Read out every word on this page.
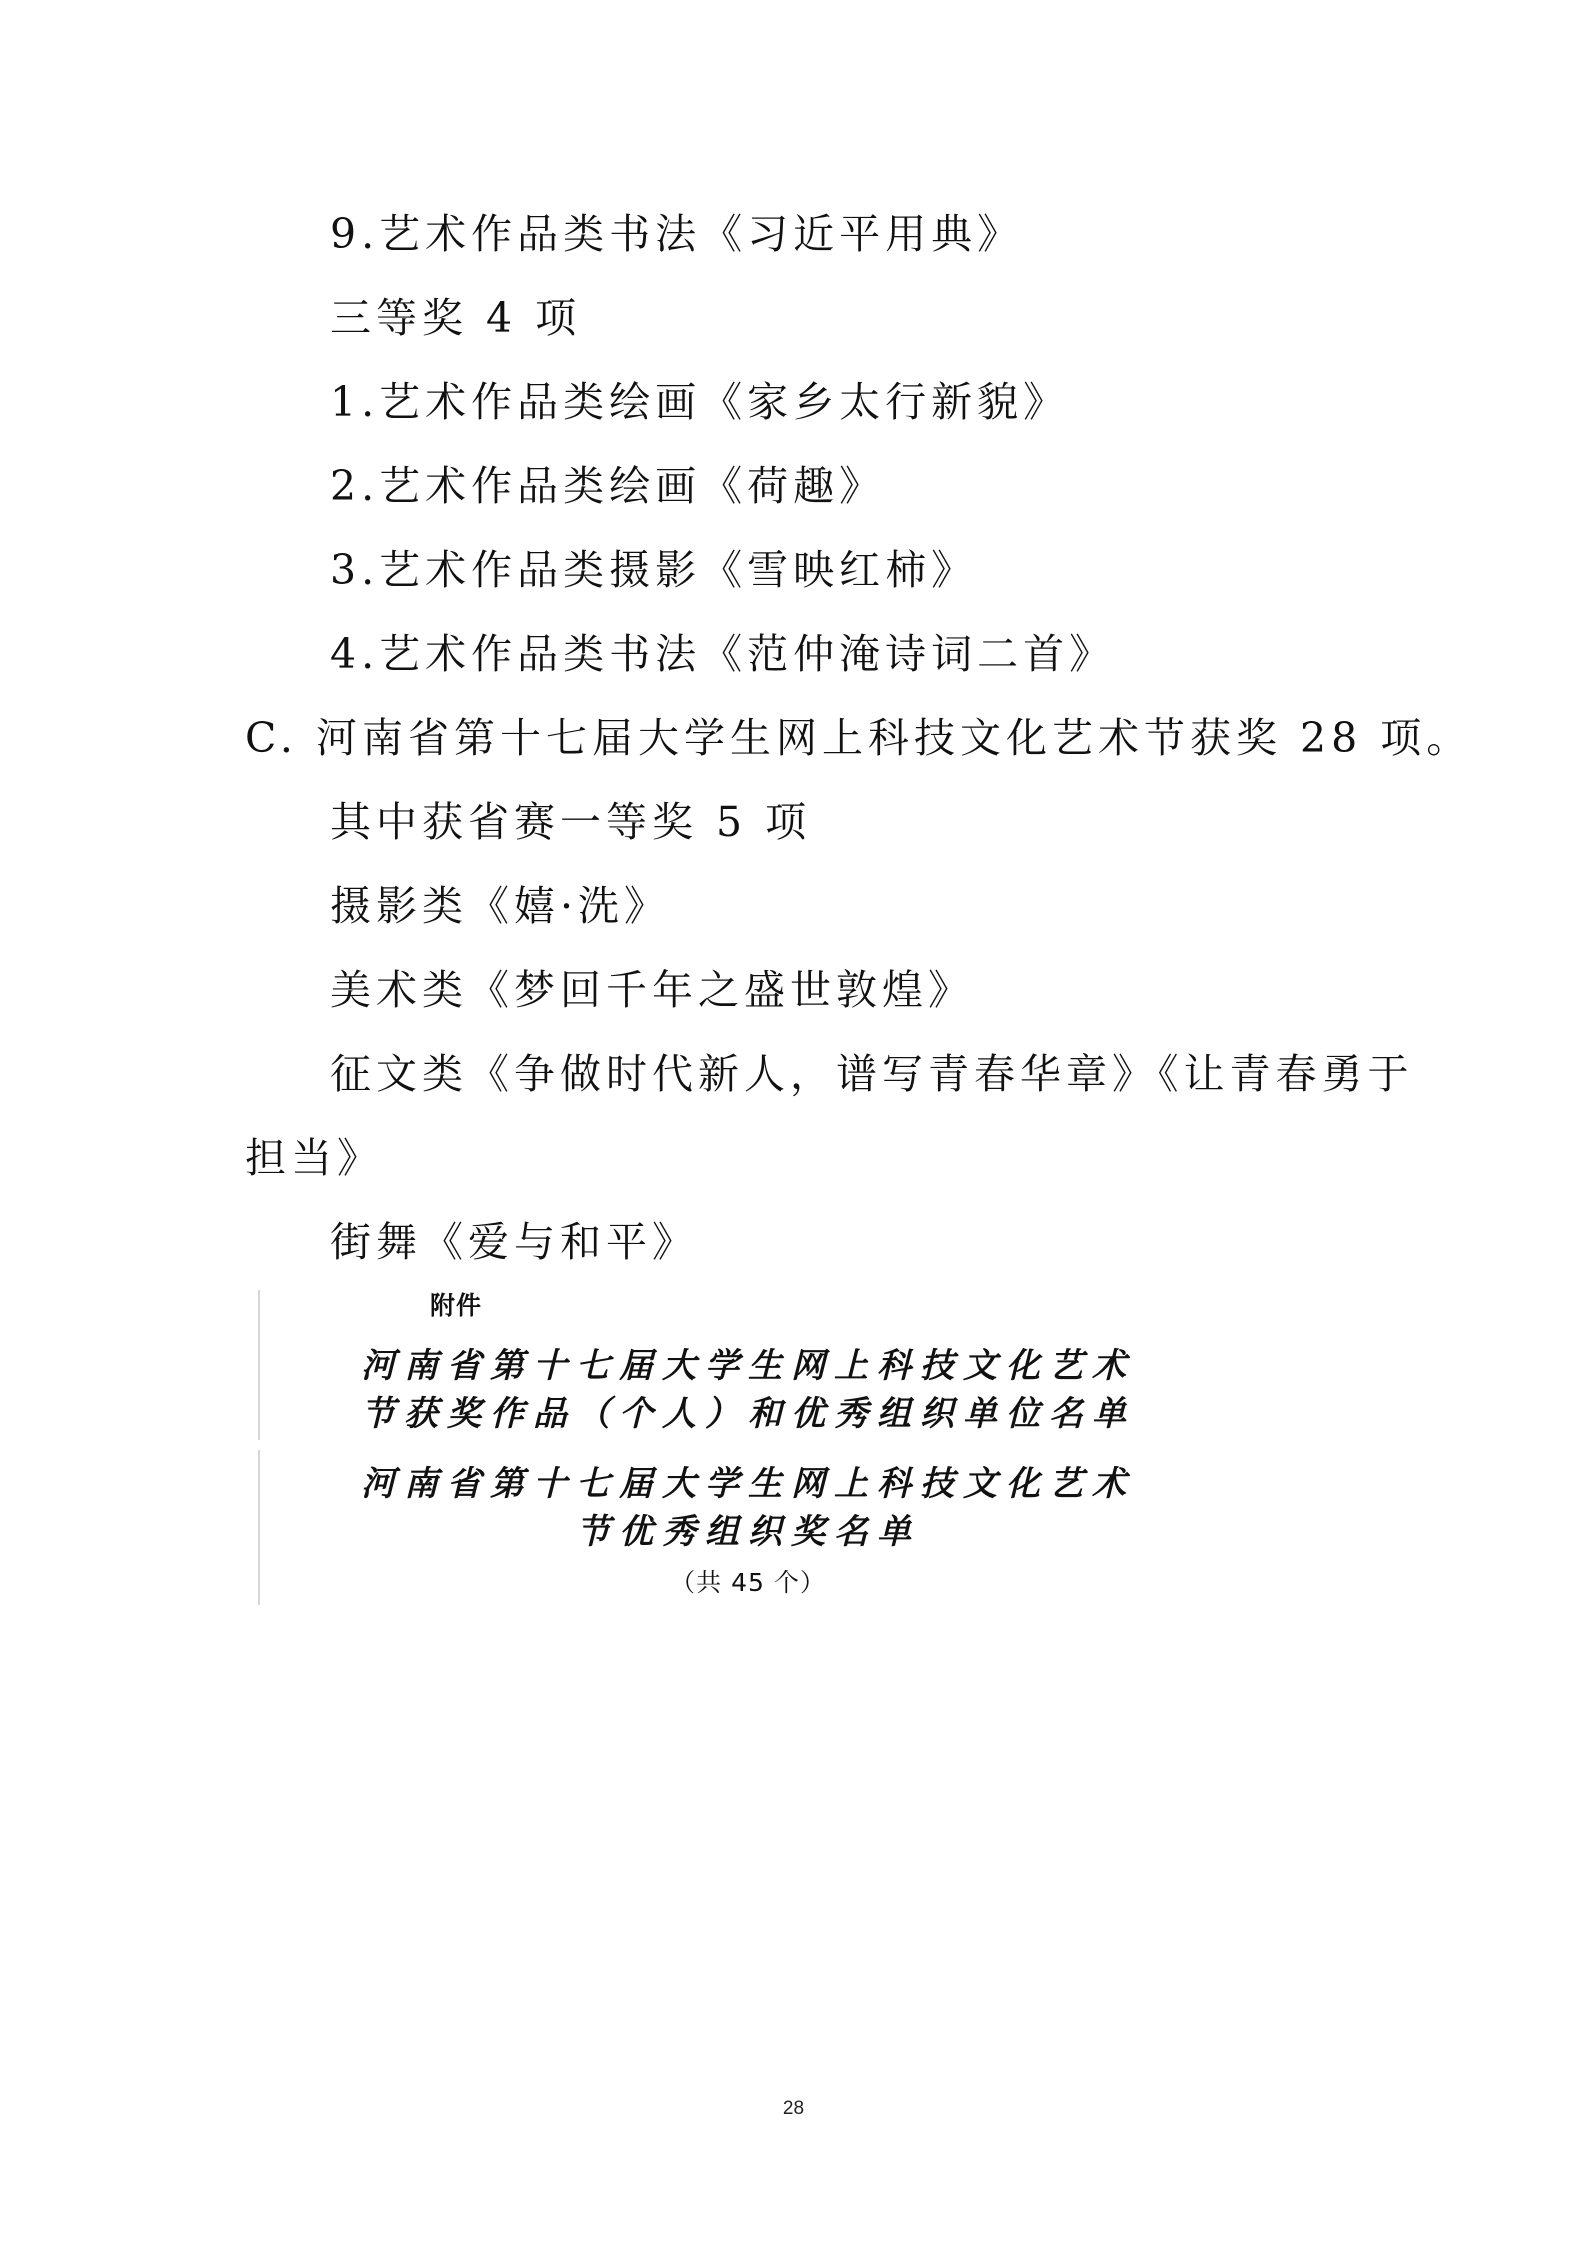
9.艺术作品类书法《习近平用典》

三等奖 4 项

1.艺术作品类绘画《家乡太行新貌》

2.艺术作品类绘画《荷趣》

3.艺术作品类摄影《雪映红柿》

4.艺术作品类书法《范仲淹诗词二首》

C. 河南省第十七届大学生网上科技文化艺术节获奖 28 项。

其中获省赛一等奖 5 项

摄影类《嬉·洗》

美术类《梦回千年之盛世敦煌》

征文类《争做时代新人，谱写青春华章》《让青春勇于

担当》

街舞《爱与和平》

附件
河南省第十七届大学生网上科技文化艺术
节获奖作品（个人）和优秀组织单位名单
河南省第十七届大学生网上科技文化艺术
节优秀组织奖名单
（共 45 个）
28
